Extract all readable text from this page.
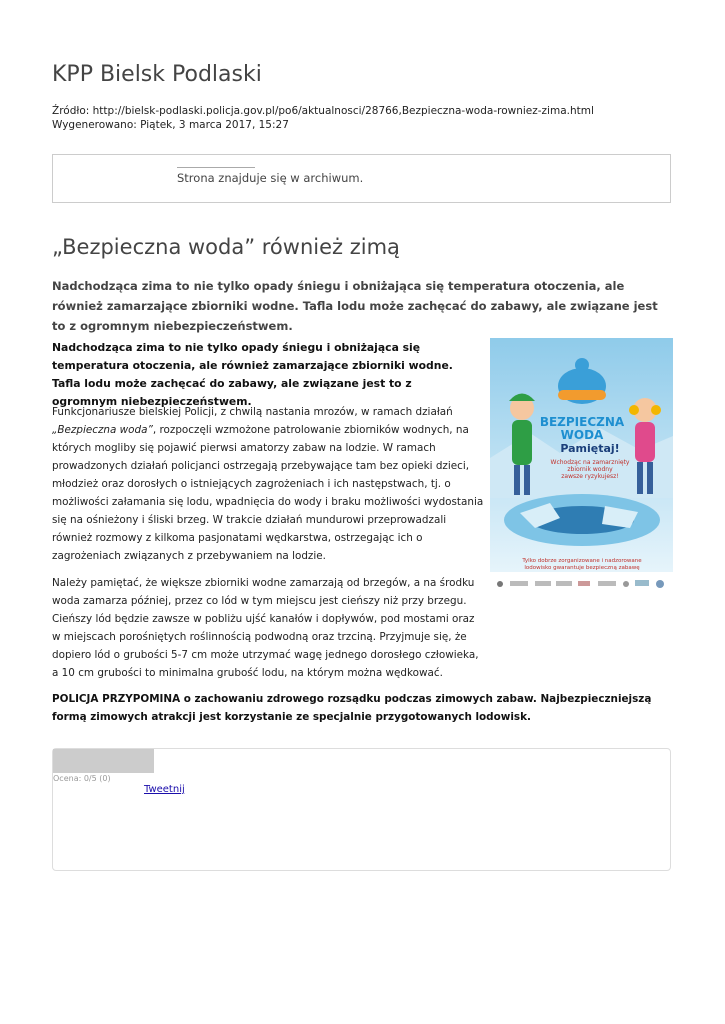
KPP Bielsk Podlaski
Źródło: http://bielsk-podlaski.policja.gov.pl/po6/aktualnosci/28766,Bezpieczna-woda-rowniez-zima.html
Wygenerowano: Piątek, 3 marca 2017, 15:27
Strona znajduje się w archiwum.
„Bezpieczna woda” również zimą

Nadchodząca zima to nie tylko opady śniegu i obniżająca się temperatura otoczenia, ale również zamarzające zbiorniki wodne. Tafla lodu może zachęcać do zabawy, ale związane jest to z ogromnym niebezpieczeństwem.

Nadchodząca zima to nie tylko opady śniegu i obniżająca się temperatura otoczenia, ale również zamarzające zbiorniki wodne. Tafla lodu może zachęcać do zabawy, ale związane jest to z ogromnym niebezpieczeństwem.

Funkcjonariusze bielskiej Policji, z chwilą nastania mrozów, w ramach działań „Bezpieczna woda”, rozpoczęli wzmożone patrolowanie zbiorników wodnych, na których mogliby się pojawić pierwsi amatorzy zabaw na lodzie. W ramach prowadzonych działań policjanci ostrzegają przebywające tam bez opieki dzieci, młodzież oraz dorosłych o istniejących zagrożeniach i ich następstwach, tj. o możliwości załamania się lodu, wpadnięcia do wody i braku możliwości wydostania się na ośnieżony i śliski brzeg. W trakcie działań mundurowi przeprowadzali również rozmowy z kilkoma pasjonatami wędkarstwa, ostrzegając ich o zagrożeniach związanych z przebywaniem na lodzie.

Należy pamiętać, że większe zbiorniki wodne zamarzają od brzegów, a na środku woda zamarza później, przez co lód w tym miejscu jest cieńszy niż przy brzegu. Cieńszy lód będzie zawsze w pobliżu ujść kanałów i dopływów, pod mostami oraz w miejscach porośniętych roślinnością podwodną oraz trzciną. Przyjmuje się, że dopiero lód o grubości 5-7 cm może utrzymać wagę jednego dorosłego człowieka, a 10 cm grubości to minimalna grubość lodu, na którym można wędkować.

POLICJA PRZYPOMINA o zachowaniu zdrowego rozsądku podczas zimowych zabaw. Najbezpieczniejszą formą zimowych atrakcji jest korzystanie ze specjalnie przygotowanych lodowisk.

BEZPIECZNA
WODA
Pamiętaj!
Wchodząc na zamarznięty
zbiornik wodny
zawsze ryzykujesz!
Tylko dobrze zorganizowane i nadzorowane
lodowisko gwarantuje bezpieczną zabawę
Ocena: 0/5 (0)
Tweetnij
